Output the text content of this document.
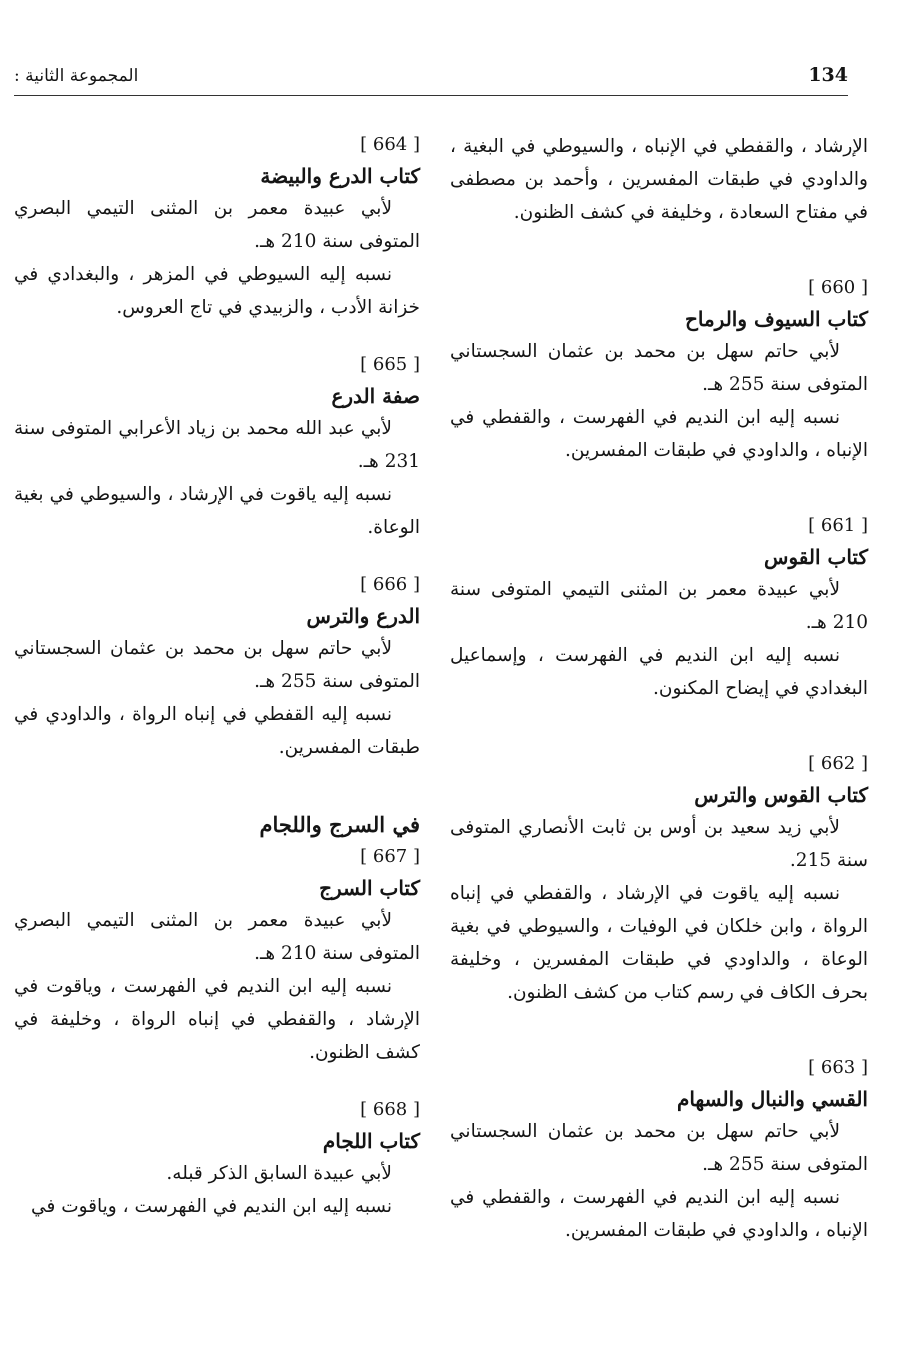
134
المجموعة الثانية :

الإرشاد ، والقفطي في الإنباه ، والسيوطي في البغية ، والداودي في طبقات المفسرين ، وأحمد بن مصطفى في مفتاح السعادة ، وخليفة في كشف الظنون.

[ 660 ]

كتاب السيوف والرماح

لأبي حاتم سهل بن محمد بن عثمان السجستاني المتوفى سنة 255 هـ.

نسبه إليه ابن النديم في الفهرست ، والقفطي في الإنباه ، والداودي في طبقات المفسرين.

[ 661 ]

كتاب القوس

لأبي عبيدة معمر بن المثنى التيمي المتوفى سنة 210 هـ.

نسبه إليه ابن النديم في الفهرست ، وإسماعيل البغدادي في إيضاح المكنون.

[ 662 ]

كتاب القوس والترس

لأبي زيد سعيد بن أوس بن ثابت الأنصاري المتوفى سنة 215.

نسبه إليه ياقوت في الإرشاد ، والقفطي في إنباه الرواة ، وابن خلكان في الوفيات ، والسيوطي في بغية الوعاة ، والداودي في طبقات المفسرين ، وخليفة بحرف الكاف في رسم كتاب من كشف الظنون.

[ 663 ]

القسي والنبال والسهام

لأبي حاتم سهل بن محمد بن عثمان السجستاني المتوفى سنة 255 هـ.

نسبه إليه ابن النديم في الفهرست ، والقفطي في الإنباه ، والداودي في طبقات المفسرين.

[ 664 ]

كتاب الدرع والبيضة

لأبي عبيدة معمر بن المثنى التيمي البصري المتوفى سنة 210 هـ.

نسبه إليه السيوطي في المزهر ، والبغدادي في خزانة الأدب ، والزبيدي في تاج العروس.

[ 665 ]

صفة الدرع

لأبي عبد الله محمد بن زياد الأعرابي المتوفى سنة 231 هـ.

نسبه إليه ياقوت في الإرشاد ، والسيوطي في بغية الوعاة.

[ 666 ]

الدرع والترس

لأبي حاتم سهل بن محمد بن عثمان السجستاني المتوفى سنة 255 هـ.

نسبه إليه القفطي في إنباه الرواة ، والداودي في طبقات المفسرين.

في السرج واللجام

[ 667 ]

كتاب السرج

لأبي عبيدة معمر بن المثنى التيمي البصري المتوفى سنة 210 هـ.

نسبه إليه ابن النديم في الفهرست ، وياقوت في الإرشاد ، والقفطي في إنباه الرواة ، وخليفة في كشف الظنون.

[ 668 ]

كتاب اللجام

لأبي عبيدة السابق الذكر قبله.

نسبه إليه ابن النديم في الفهرست ، وياقوت في
